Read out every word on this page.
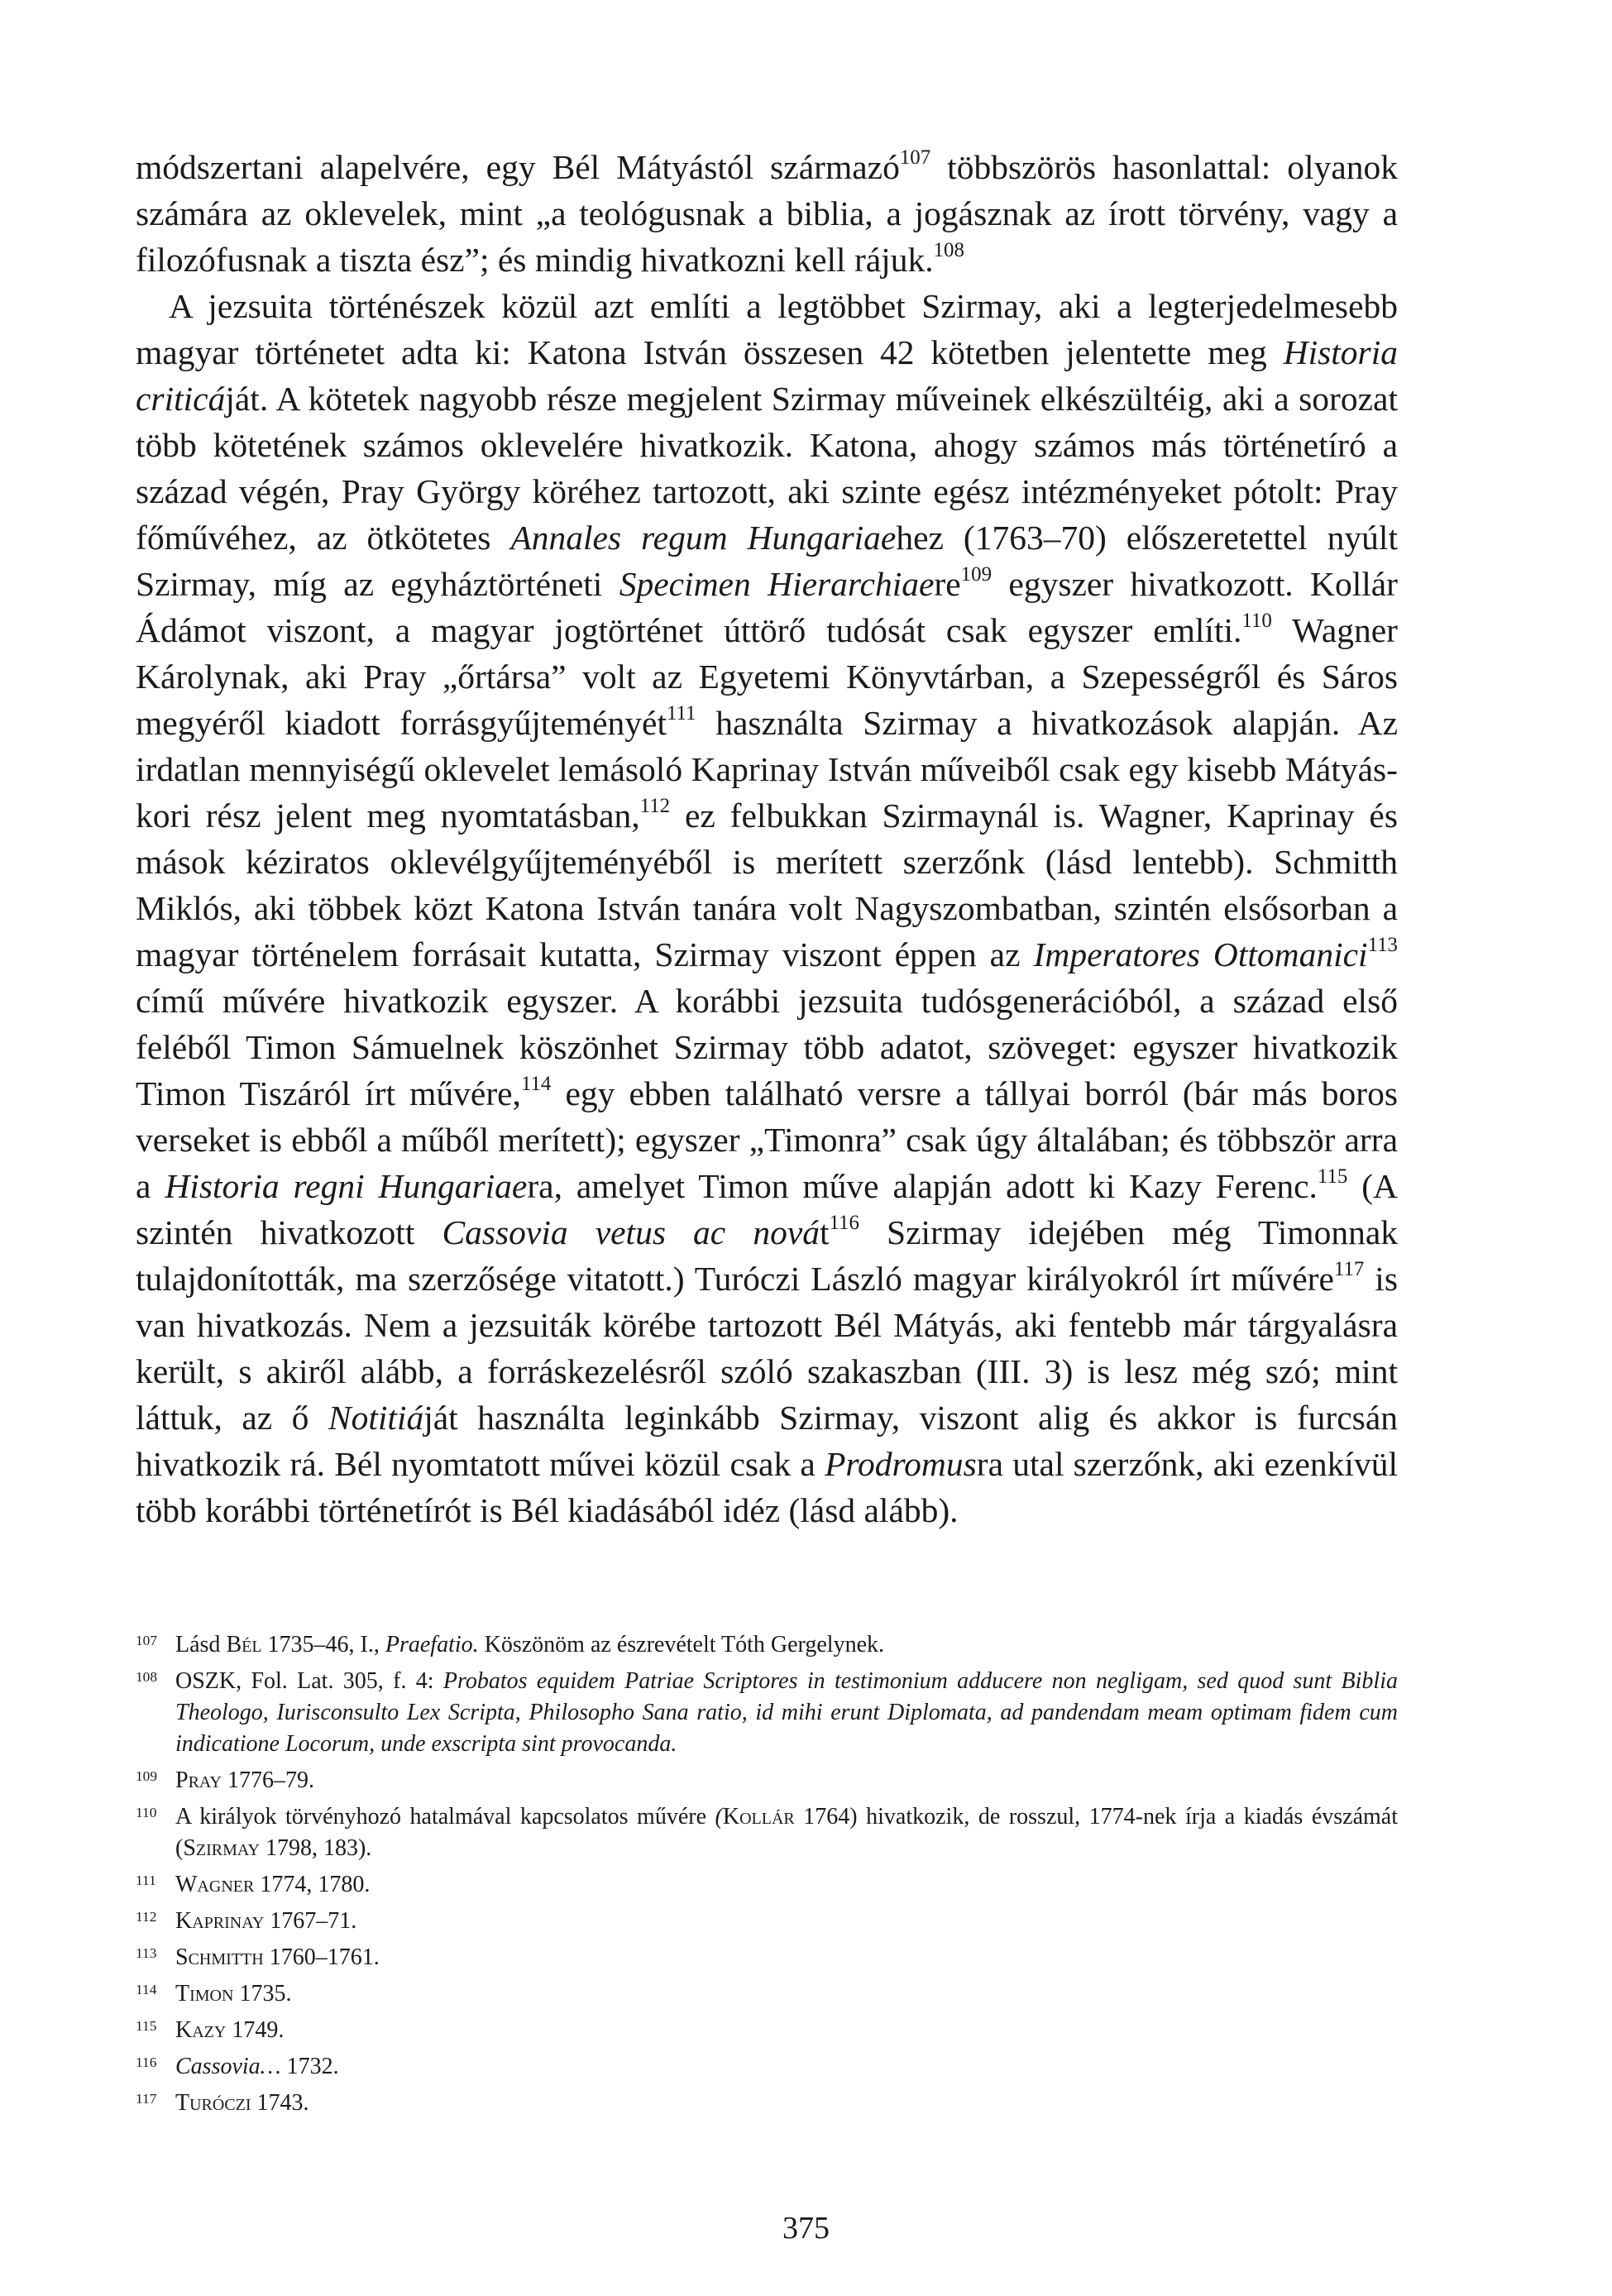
módszertani alapelvére, egy Bél Mátyástól származó$^{107}$ többszörös hasonlattal: olyanok számára az oklevelek, mint „a teológusnak a biblia, a jogásznak az írott törvény, vagy a filozófusnak a tiszta ész”; és mindig hivatkozni kell rájuk.$^{108}$

A jezsuita történészek közül azt említi a legtöbbet Szirmay, aki a legterjedelmesebb magyar történetet adta ki: Katona István összesen 42 kötetben jelentette meg Historia criticáját. A kötetek nagyobb része megjelent Szirmay műveinek elkészültéig, aki a sorozat több kötetének számos oklevelére hivatkozik. Katona, ahogy számos más történetíró a század végén, Pray György köréhez tartozott, aki szinte egész intézményeket pótolt: Pray főművéhez, az ötkötetes Annales regum Hungariaehez (1763–70) előszeretettel nyúlt Szirmay, míg az egyháztörténeti Specimen Hierarchiaere$^{109}$ egyszer hivatkozott. Kollár Ádámot viszont, a magyar jogtörténet úttörő tudósát csak egyszer említi.$^{110}$ Wagner Károlynak, aki Pray „őrtársa” volt az Egyetemi Könyvtárban, a Szepességről és Sáros megyéről kiadott forrásgyűjteményét$^{111}$ használta Szirmay a hivatkozások alapján. Az irdatlan mennyiségű oklevelet lemásoló Kaprinay István műveiből csak egy kisebb Mátyás-kori rész jelent meg nyomtatásban,$^{112}$ ez felbukkan Szirmaynál is. Wagner, Kaprinay és mások kéziratos oklevélgyűjteményéből is merített szerzőnk (lásd lentebb). Schmitth Miklós, aki többek közt Katona István tanára volt Nagyszombatban, szintén elsősorban a magyar történelem forrásait kutatta, Szirmay viszont éppen az Imperatores Ottomanici$^{113}$ című művére hivatkozik egyszer. A korábbi jezsuita tudósgenerációból, a század első feléből Timon Sámuelnek köszönhet Szirmay több adatot, szöveget: egyszer hivatkozik Timon Tiszáról írt művére,$^{114}$ egy ebben található versre a tállyai borról (bár más boros verseket is ebből a műből merített); egyszer „Timonra” csak úgy általában; és többször arra a Historia regni Hungariaera, amelyet Timon műve alapján adott ki Kazy Ferenc.$^{115}$ (A szintén hivatkozott Cassovia vetus ac novát$^{116}$ Szirmay idejében még Timonnak tulajdonították, ma szerzősége vitatott.) Turóczi László magyar királyokról írt művére$^{117}$ is van hivatkozás. Nem a jezsuiták körébe tartozott Bél Mátyás, aki fentebb már tárgyalásra került, s akiről alább, a forráskezelésről szóló szakaszban (III. 3) is lesz még szó; mint láttuk, az ő Notitiáját használta leginkább Szirmay, viszont alig és akkor is furcsán hivatkozik rá. Bél nyomtatott művei közül csak a Prodromusra utal szerzőnk, aki ezenkívül több korábbi történetírót is Bél kiadásából idéz (lásd alább).

107 Lásd Bél 1735–46, I., Praefatio. Köszönöm az észrevételt Tóth Gergelynek.
108 OSZK, Fol. Lat. 305, f. 4: Probatos equidem Patriae Scriptores in testimonium adducere non negligam, sed quod sunt Biblia Theologo, Iurisconsulto Lex Scripta, Philosopho Sana ratio, id mihi erunt Diplomata, ad pandendam meam optimam fidem cum indicatione Locorum, unde exscripta sint provocanda.
109 Pray 1776–79.
110 A királyok törvényhozó hatalmával kapcsolatos művére (Kollár 1764) hivatkozik, de rosszul, 1774-nek írja a kiadás évszámát (Szirmay 1798, 183).
111 Wagner 1774, 1780.
112 Kaprinay 1767–71.
113 Schmitth 1760–1761.
114 Timon 1735.
115 Kazy 1749.
116 Cassovia… 1732.
117 Turóczi 1743.
375
